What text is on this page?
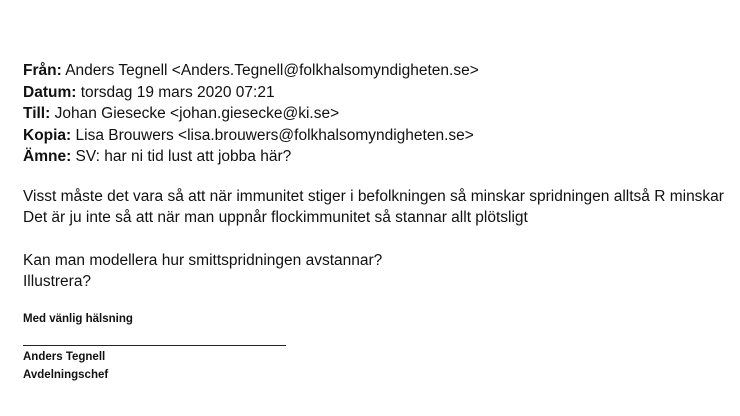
Från: Anders Tegnell <Anders.Tegnell@folkhalsomyndigheten.se>
Datum: torsdag 19 mars 2020 07:21
Till: Johan Giesecke <johan.giesecke@ki.se>
Kopia: Lisa Brouwers <lisa.brouwers@folkhalsomyndigheten.se>
Ämne: SV: har ni tid lust att jobba här?
Visst måste det vara så att när immunitet stiger i befolkningen så minskar spridningen alltså R minskar
Det är ju inte så att när man uppnår flockimmunitet så stannar allt plötsligt
Kan man modellera hur smittspridningen avstannar?
Illustrera?
Med vänlig hälsning
Anders Tegnell
Avdelningschef
